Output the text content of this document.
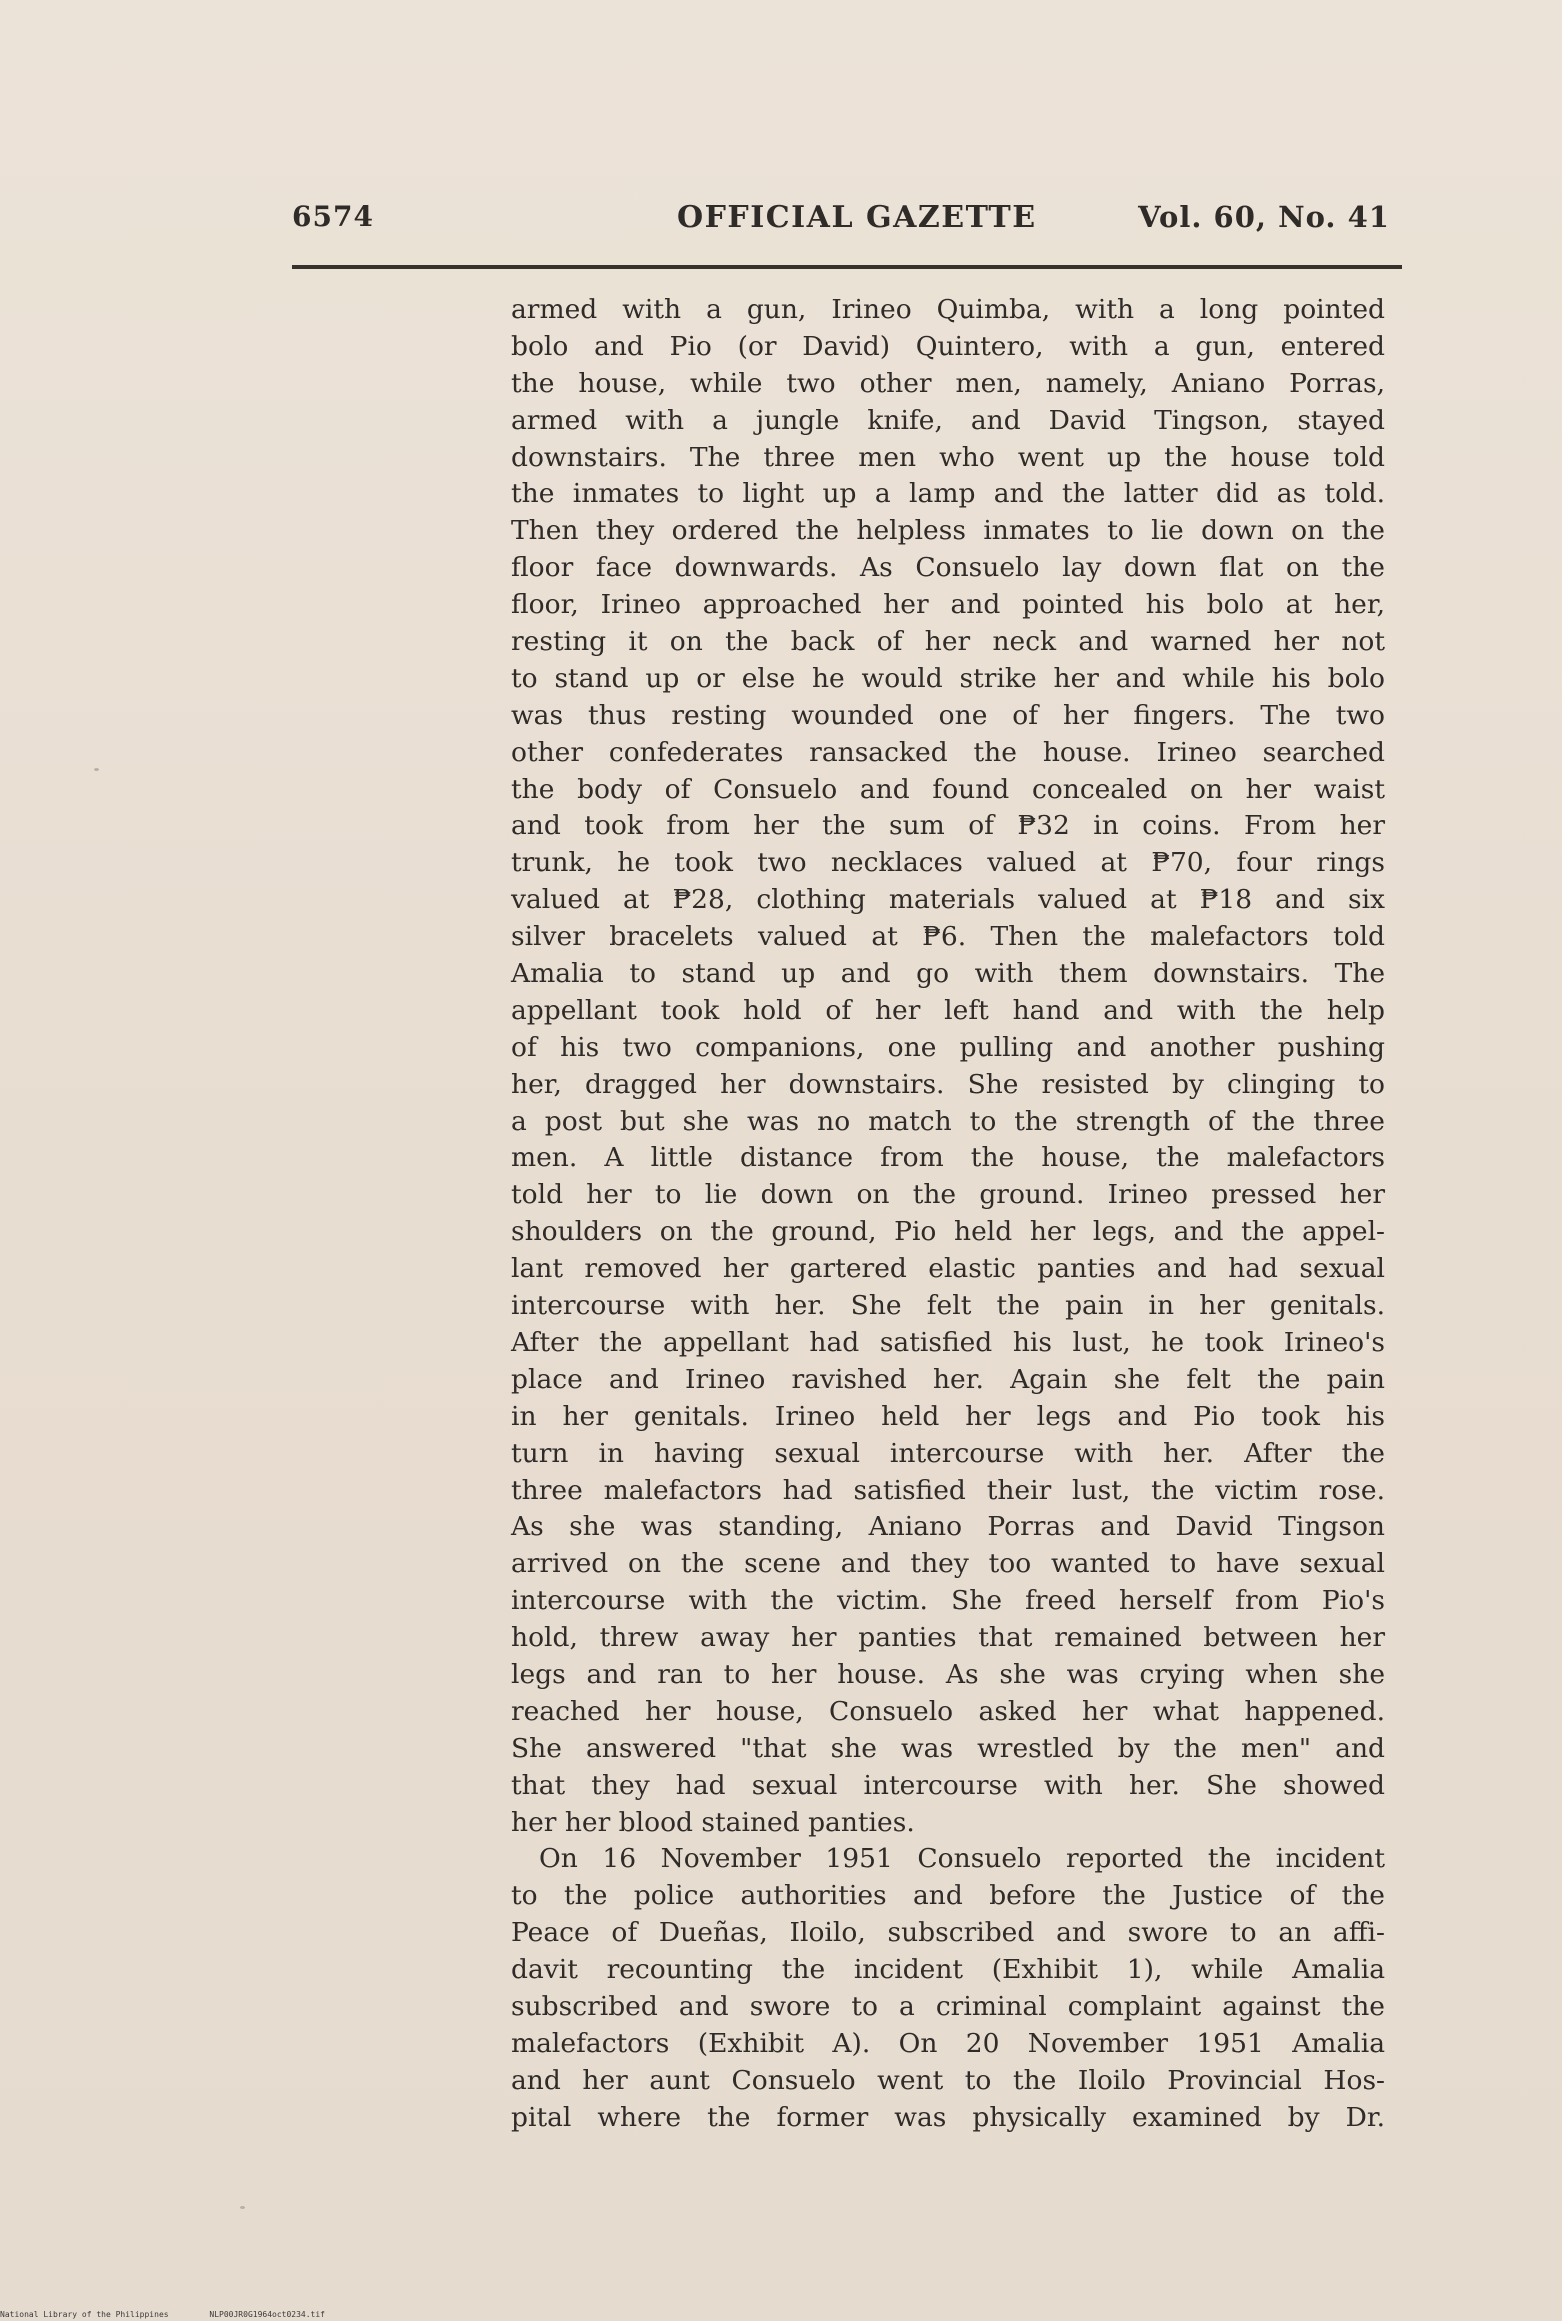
6574	OFFICIAL GAZETTE	Vol. 60, No. 41
armed with a gun, Irineo Quimba, with a long pointed
bolo and Pio (or David) Quintero, with a gun, entered
the house, while two other men, namely, Aniano Porras,
armed with a jungle knife, and David Tingson, stayed
downstairs. The three men who went up the house told
the inmates to light up a lamp and the latter did as told.
Then they ordered the helpless inmates to lie down on the
floor face downwards. As Consuelo lay down flat on the
floor, Irineo approached her and pointed his bolo at her,
resting it on the back of her neck and warned her not
to stand up or else he would strike her and while his bolo
was thus resting wounded one of her fingers. The two
other confederates ransacked the house. Irineo searched
the body of Consuelo and found concealed on her waist
and took from her the sum of ₱32 in coins. From her
trunk, he took two necklaces valued at ₱70, four rings
valued at ₱28, clothing materials valued at ₱18 and six
silver bracelets valued at ₱6. Then the malefactors told
Amalia to stand up and go with them downstairs. The
appellant took hold of her left hand and with the help
of his two companions, one pulling and another pushing
her, dragged her downstairs. She resisted by clinging to
a post but she was no match to the strength of the three
men. A little distance from the house, the malefactors
told her to lie down on the ground. Irineo pressed her
shoulders on the ground, Pio held her legs, and the appel-
lant removed her gartered elastic panties and had sexual
intercourse with her. She felt the pain in her genitals.
After the appellant had satisfied his lust, he took Irineo's
place and Irineo ravished her. Again she felt the pain
in her genitals. Irineo held her legs and Pio took his
turn in having sexual intercourse with her. After the
three malefactors had satisfied their lust, the victim rose.
As she was standing, Aniano Porras and David Tingson
arrived on the scene and they too wanted to have sexual
intercourse with the victim. She freed herself from Pio's
hold, threw away her panties that remained between her
legs and ran to her house. As she was crying when she
reached her house, Consuelo asked her what happened.
She answered "that she was wrestled by the men" and
that they had sexual intercourse with her. She showed
her her blood stained panties.
On 16 November 1951 Consuelo reported the incident
to the police authorities and before the Justice of the
Peace of Dueñas, Iloilo, subscribed and swore to an affi-
davit recounting the incident (Exhibit 1), while Amalia
subscribed and swore to a criminal complaint against the
malefactors (Exhibit A). On 20 November 1951 Amalia
and her aunt Consuelo went to the Iloilo Provincial Hos-
pital where the former was physically examined by Dr.
National Library of the Philippines	NLP00JR0G1964oct0234.tif
